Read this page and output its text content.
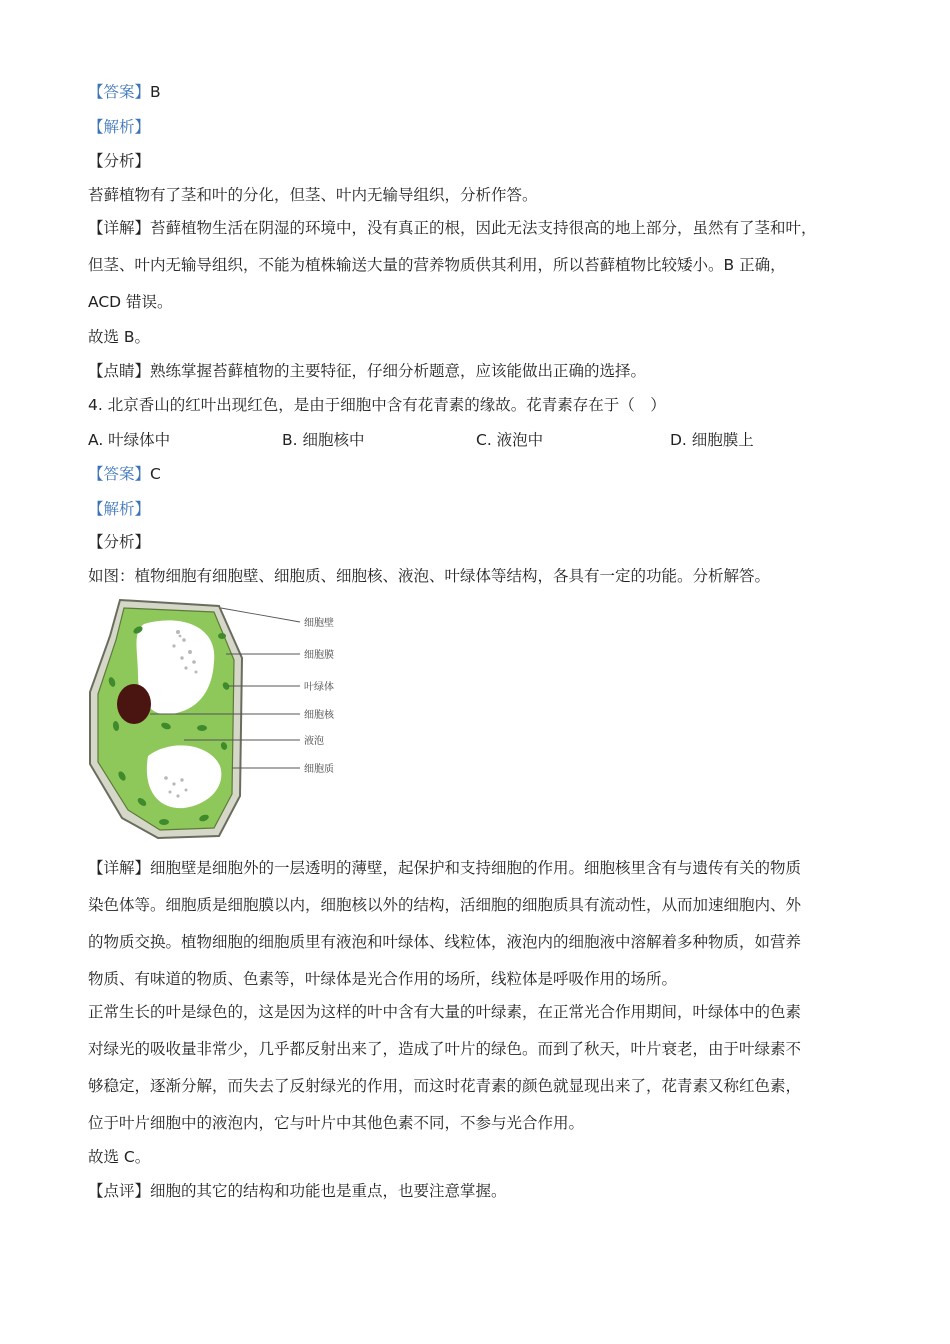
【答案】B
【解析】
【分析】
苔藓植物有了茎和叶的分化，但茎、叶内无输导组织，分析作答。
【详解】苔藓植物生活在阴湿的环境中，没有真正的根，因此无法支持很高的地上部分，虽然有了茎和叶，
但茎、叶内无输导组织，不能为植株输送大量的营养物质供其利用，所以苔藓植物比较矮小。B 正确，
ACD 错误。
故选 B。
【点睛】熟练掌握苔藓植物的主要特征，仔细分析题意，应该能做出正确的选择。
4. 北京香山的红叶出现红色，是由于细胞中含有花青素的缘故。花青素存在于（　）
A. 叶绿体中	B. 细胞核中	C. 液泡中	D. 细胞膜上
【答案】C
【解析】
【分析】
如图：植物细胞有细胞壁、细胞质、细胞核、液泡、叶绿体等结构，各具有一定的功能。分析解答。
细胞壁
细胞膜
叶绿体
细胞核
液泡
细胞质
【详解】细胞壁是细胞外的一层透明的薄壁，起保护和支持细胞的作用。细胞核里含有与遗传有关的物质
染色体等。细胞质是细胞膜以内，细胞核以外的结构，活细胞的细胞质具有流动性，从而加速细胞内、外
的物质交换。植物细胞的细胞质里有液泡和叶绿体、线粒体，液泡内的细胞液中溶解着多种物质，如营养
物质、有味道的物质、色素等，叶绿体是光合作用的场所，线粒体是呼吸作用的场所。
正常生长的叶是绿色的，这是因为这样的叶中含有大量的叶绿素，在正常光合作用期间，叶绿体中的色素
对绿光的吸收量非常少，几乎都反射出来了，造成了叶片的绿色。而到了秋天，叶片衰老，由于叶绿素不
够稳定，逐渐分解，而失去了反射绿光的作用，而这时花青素的颜色就显现出来了，花青素又称红色素，
位于叶片细胞中的液泡内，它与叶片中其他色素不同，不参与光合作用。
故选 C。
【点评】细胞的其它的结构和功能也是重点，也要注意掌握。
